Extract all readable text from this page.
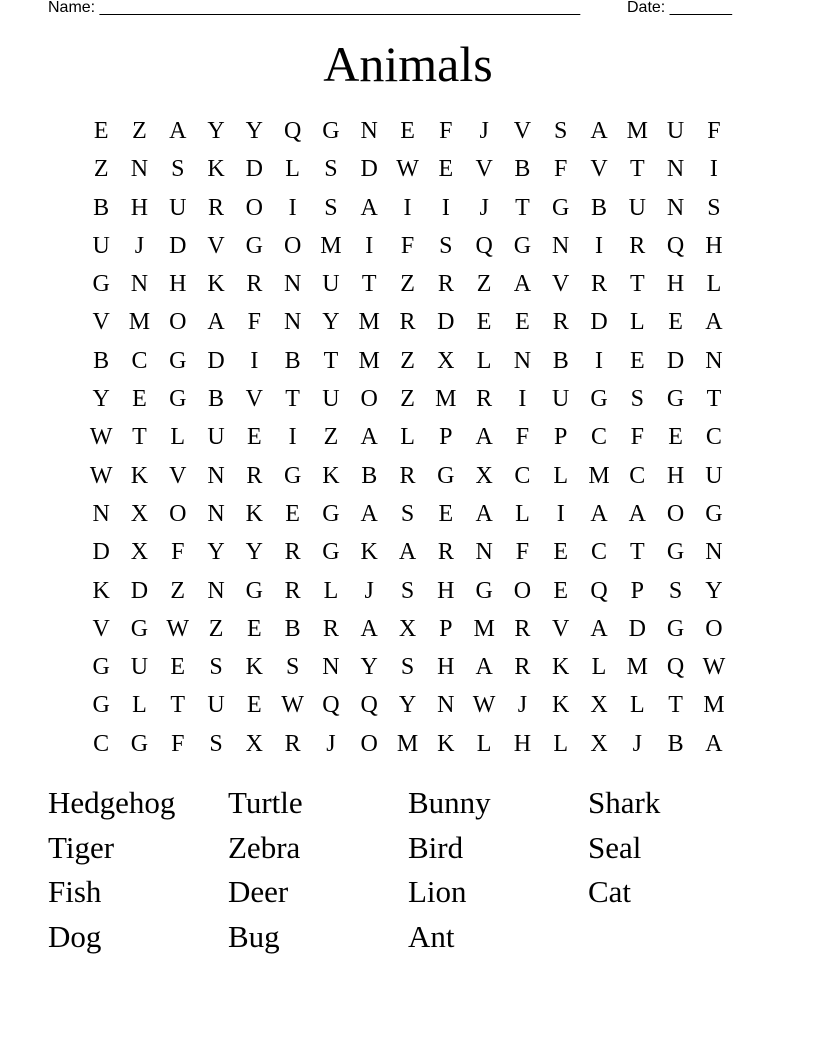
Name: ______________________________________________________	Date: _______
Animals
E Z A Y Y Q G N E	F	J	V S A M U F
Z N S K D L	S D W E V B F V T N	I
B H U R O	I	S A	I	I	J	T G B U N S
U	J	D V G O M I	F	S Q G N	I	R Q H
G N H K R N U T Z R Z A V R T H L
V M O A F N Y M R D E E R D L E A
B C G D	I	B T M Z X L N B	I	E D N
Y E G B V T U O Z M R	I	U G S G T
W T L U E	I	Z A L	P A F	P C F	E C
W K V N R G K B R G X C L M C H U
N X O N K E G A S	E A L	I	A A O G
D X F Y Y R G K A R N F	E C T G N
K D Z N G R L	J	S H G O E Q P	S Y
V G W Z E B R A X P M R V A D G O
G U E	S K S N Y S H A R K L M Q W
G L T U E W Q Q Y N W J	K X L T M
C G F	S X R	J	O M K L H L X	J	B A
Hedgehog	Turtle	Bunny	Shark
Tiger	Zebra	Bird	Seal
Fish	Deer	Lion	Cat
Dog	Bug	Ant
